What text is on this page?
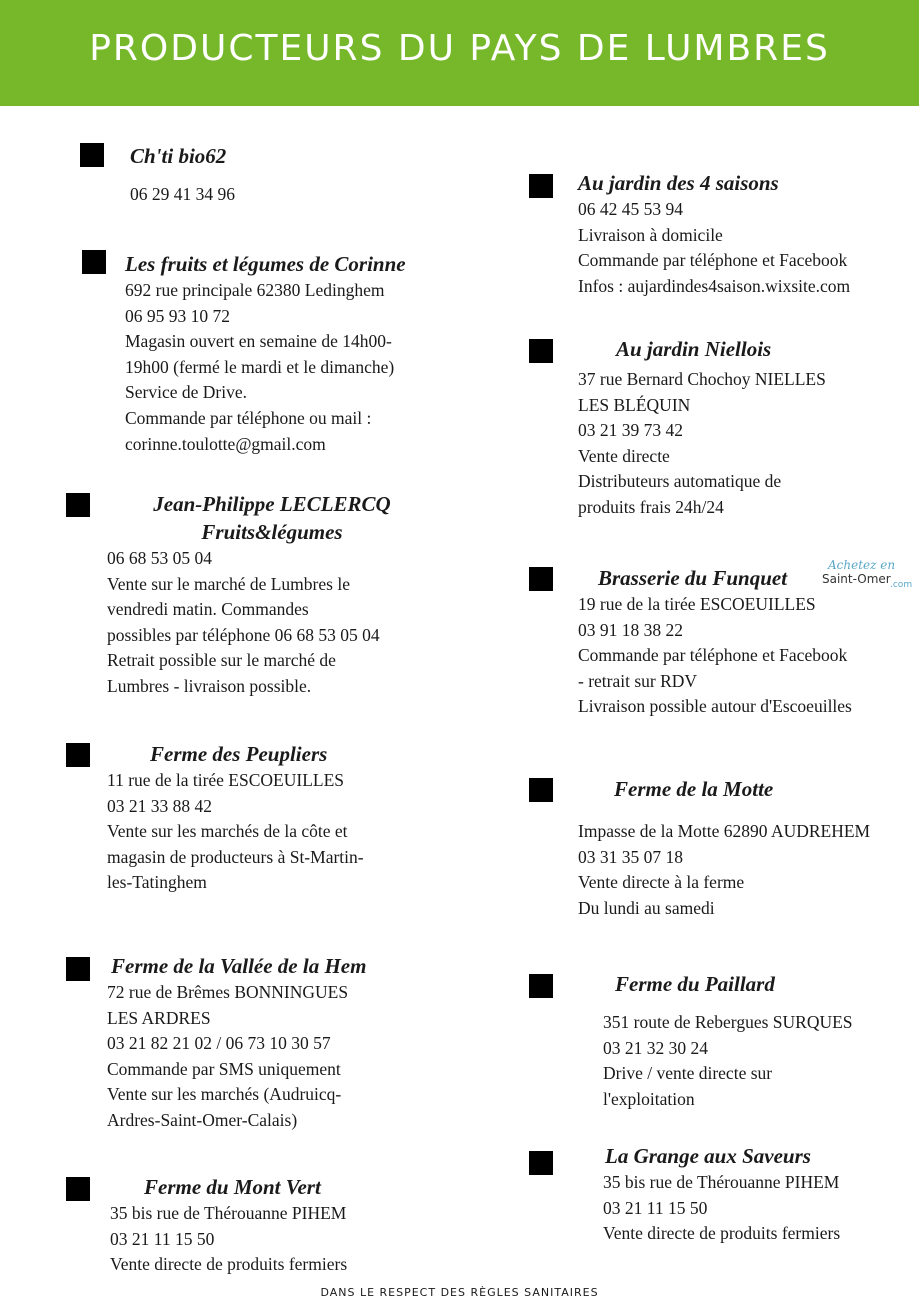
PRODUCTEURS DU PAYS DE LUMBRES
Ch'ti bio62
06 29 41 34 96
Les fruits et légumes de Corinne
692 rue principale 62380 Ledinghem
06 95 93 10 72
Magasin ouvert en semaine de 14h00-
19h00 (fermé le mardi et le dimanche)
Service de Drive.
Commande par téléphone ou mail :
corinne.toulotte@gmail.com
Jean-Philippe LECLERCQ
Fruits&légumes
06 68 53 05 04
Vente sur le marché de Lumbres le
vendredi matin. Commandes
possibles par téléphone 06 68 53 05 04
Retrait possible sur le marché de
Lumbres - livraison possible.
Ferme des Peupliers
11 rue de la tirée ESCOEUILLES
03 21 33 88 42
Vente sur les marchés de la côte et
magasin de producteurs à St-Martin-
les-Tatinghem
Ferme de la Vallée de la Hem
72 rue de Brêmes BONNINGUES
LES ARDRES
03 21 82 21 02 / 06 73 10 30 57
Commande par SMS uniquement
Vente sur les marchés (Audruicq-
Ardres-Saint-Omer-Calais)
Ferme du Mont Vert
35 bis rue de Thérouanne PIHEM
03 21 11 15 50
Vente directe de produits fermiers
Au jardin des 4 saisons
06 42 45 53 94
Livraison à domicile
Commande par téléphone et Facebook
Infos : aujardindes4saison.wixsite.com
Au jardin Niellois
37 rue Bernard Chochoy NIELLES
LES BLÉQUIN
03 21 39 73 42
Vente directe
Distributeurs automatique de
produits frais 24h/24
Brasserie du Funquet
19 rue de la tirée ESCOEUILLES
03 91 18 38 22
Commande par téléphone et Facebook
- retrait sur RDV
Livraison possible autour d'Escoeuilles
Achetez en
Saint-Omer .com
Ferme de la Motte
Impasse de la Motte 62890 AUDREHEM
03 31 35 07 18
Vente directe à la ferme
Du lundi au samedi
Ferme du Paillard
351 route de Rebergues SURQUES
03 21 32 30 24
Drive / vente directe sur
l'exploitation
La Grange aux Saveurs
35 bis rue de Thérouanne PIHEM
03 21 11 15 50
Vente directe de produits fermiers
DANS LE RESPECT DES RÈGLES SANITAIRES
